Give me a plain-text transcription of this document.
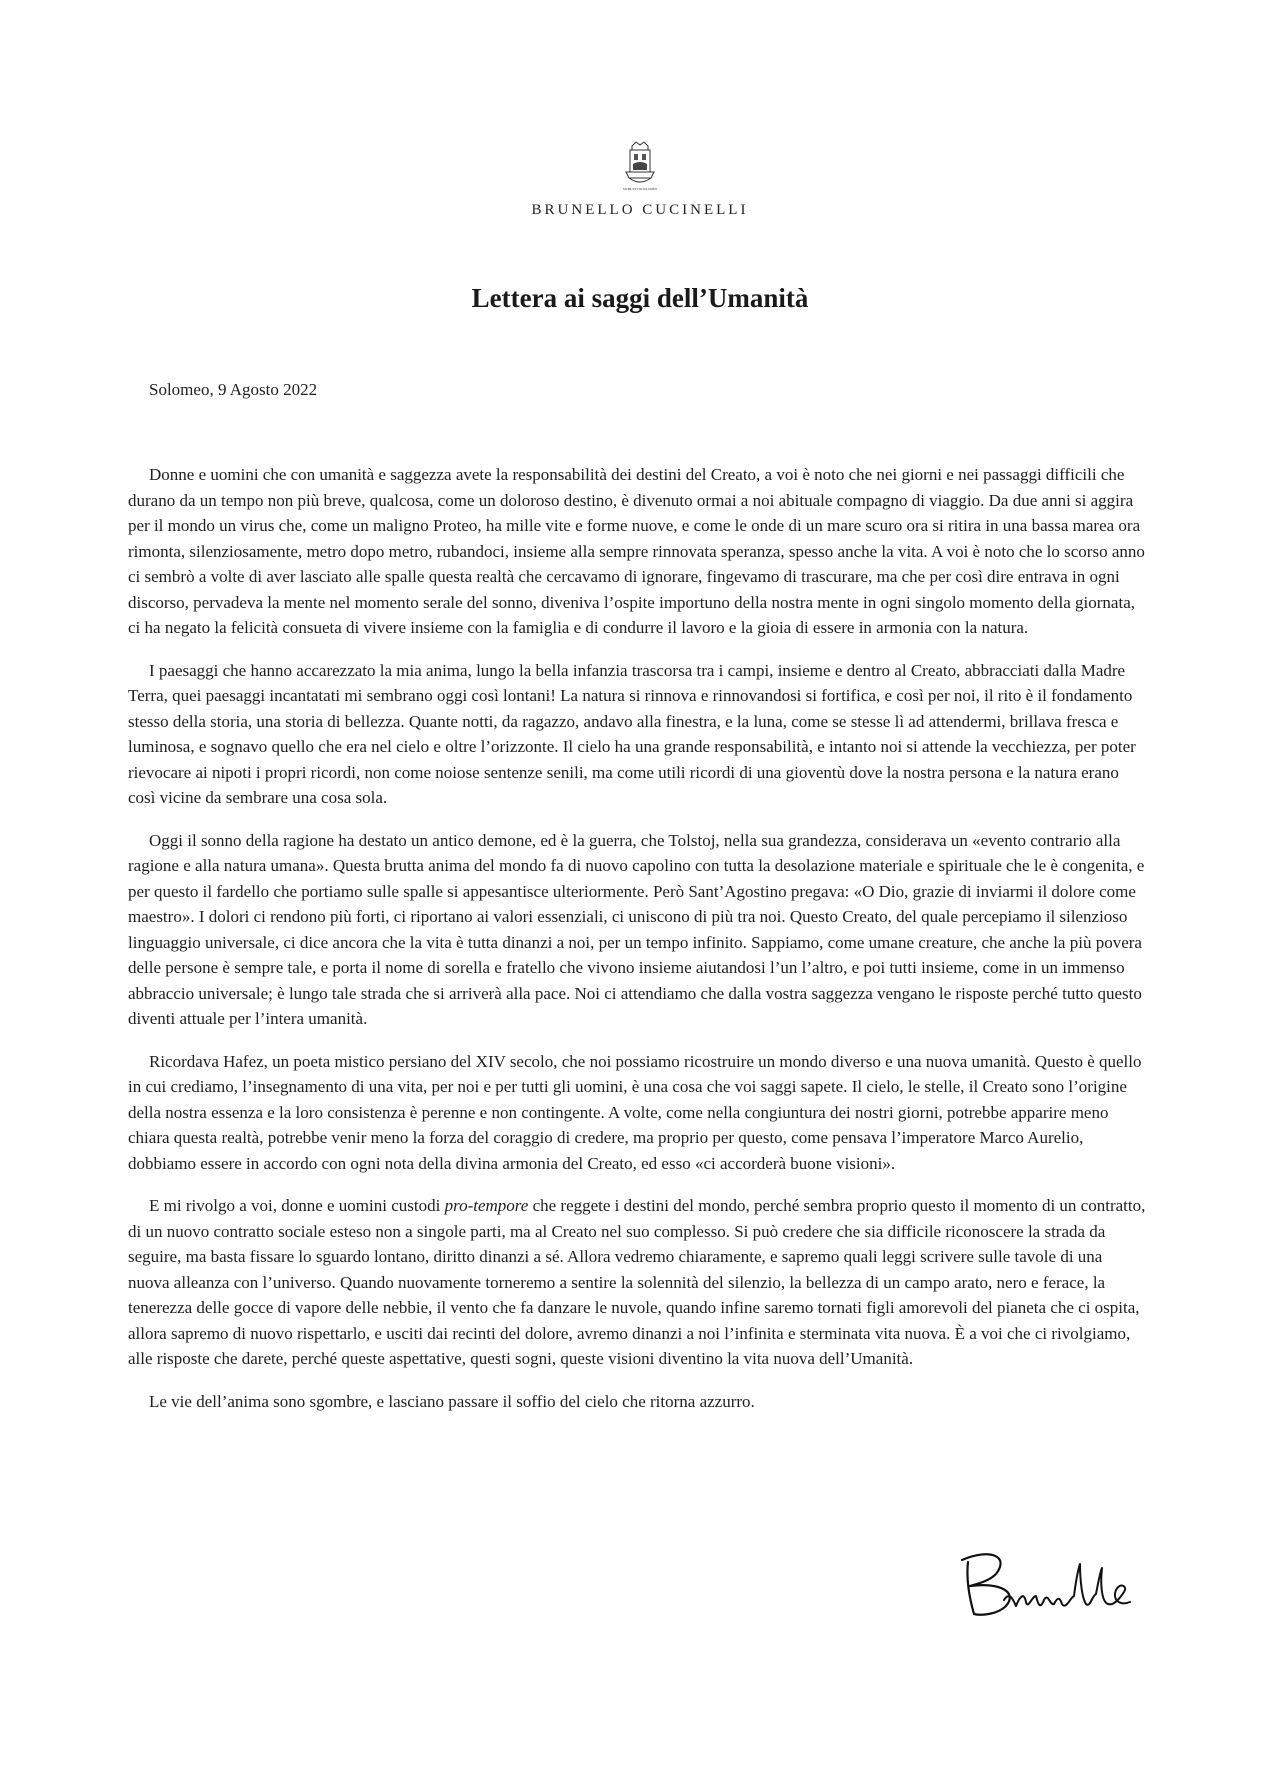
MCMLXXVIII SOLOMEO
BRUNELLO CUCINELLI
Lettera ai saggi dell’Umanità
Solomeo, 9 Agosto 2022

Donne e uomini che con umanità e saggezza avete la responsabilità dei destini del Creato, a voi è noto che nei giorni e nei passaggi difficili che durano da un tempo non più breve, qualcosa, come un doloroso destino, è divenuto ormai a noi abituale compagno di viaggio. Da due anni si aggira per il mondo un virus che, come un maligno Proteo, ha mille vite e forme nuove, e come le onde di un mare scuro ora si ritira in una bassa marea ora rimonta, silenziosamente, metro dopo metro, rubandoci, insieme alla sempre rinnovata speranza, spesso anche la vita. A voi è noto che lo scorso anno ci sembrò a volte di aver lasciato alle spalle questa realtà che cercavamo di ignorare, fingevamo di trascurare, ma che per così dire entrava in ogni discorso, pervadeva la mente nel momento serale del sonno, diveniva l’ospite importuno della nostra mente in ogni singolo momento della giornata, ci ha negato la felicità consueta di vivere insieme con la famiglia e di condurre il lavoro e la gioia di essere in armonia con la natura.

I paesaggi che hanno accarezzato la mia anima, lungo la bella infanzia trascorsa tra i campi, insieme e dentro al Creato, abbracciati dalla Madre Terra, quei paesaggi incantatati mi sembrano oggi così lontani! La natura si rinnova e rinnovandosi si fortifica, e così per noi, il rito è il fondamento stesso della storia, una storia di bellezza. Quante notti, da ragazzo, andavo alla finestra, e la luna, come se stesse lì ad attendermi, brillava fresca e luminosa, e sognavo quello che era nel cielo e oltre l’orizzonte. Il cielo ha una grande responsabilità, e intanto noi si attende la vecchiezza, per poter rievocare ai nipoti i propri ricordi, non come noiose sentenze senili, ma come utili ricordi di una gioventù dove la nostra persona e la natura erano così vicine da sembrare una cosa sola.

Oggi il sonno della ragione ha destato un antico demone, ed è la guerra, che Tolstoj, nella sua grandezza, considerava un «evento contrario alla ragione e alla natura umana». Questa brutta anima del mondo fa di nuovo capolino con tutta la desolazione materiale e spirituale che le è congenita, e per questo il fardello che portiamo sulle spalle si appesantisce ulteriormente. Però Sant’Agostino pregava: «O Dio, grazie di inviarmi il dolore come maestro». I dolori ci rendono più forti, ci riportano ai valori essenziali, ci uniscono di più tra noi. Questo Creato, del quale percepiamo il silenzioso linguaggio universale, ci dice ancora che la vita è tutta dinanzi a noi, per un tempo infinito. Sappiamo, come umane creature, che anche la più povera delle persone è sempre tale, e porta il nome di sorella e fratello che vivono insieme aiutandosi l’un l’altro, e poi tutti insieme, come in un immenso abbraccio universale; è lungo tale strada che si arriverà alla pace. Noi ci attendiamo che dalla vostra saggezza vengano le risposte perché tutto questo diventi attuale per l’intera umanità.

Ricordava Hafez, un poeta mistico persiano del XIV secolo, che noi possiamo ricostruire un mondo diverso e una nuova umanità. Questo è quello in cui crediamo, l’insegnamento di una vita, per noi e per tutti gli uomini, è una cosa che voi saggi sapete. Il cielo, le stelle, il Creato sono l’origine della nostra essenza e la loro consistenza è perenne e non contingente. A volte, come nella congiuntura dei nostri giorni, potrebbe apparire meno chiara questa realtà, potrebbe venir meno la forza del coraggio di credere, ma proprio per questo, come pensava l’imperatore Marco Aurelio, dobbiamo essere in accordo con ogni nota della divina armonia del Creato, ed esso «ci accorderà buone visioni».

E mi rivolgo a voi, donne e uomini custodi pro-tempore che reggete i destini del mondo, perché sembra proprio questo il momento di un contratto, di un nuovo contratto sociale esteso non a singole parti, ma al Creato nel suo complesso. Si può credere che sia difficile riconoscere la strada da seguire, ma basta fissare lo sguardo lontano, diritto dinanzi a sé. Allora vedremo chiaramente, e sapremo quali leggi scrivere sulle tavole di una nuova alleanza con l’universo. Quando nuovamente torneremo a sentire la solennità del silenzio, la bellezza di un campo arato, nero e ferace, la tenerezza delle gocce di vapore delle nebbie, il vento che fa danzare le nuvole, quando infine saremo tornati figli amorevoli del pianeta che ci ospita, allora sapremo di nuovo rispettarlo, e usciti dai recinti del dolore, avremo dinanzi a noi l’infinita e sterminata vita nuova. È a voi che ci rivolgiamo, alle risposte che darete, perché queste aspettative, questi sogni, queste visioni diventino la vita nuova dell’Umanità.

Le vie dell’anima sono sgombre, e lasciano passare il soffio del cielo che ritorna azzurro.
